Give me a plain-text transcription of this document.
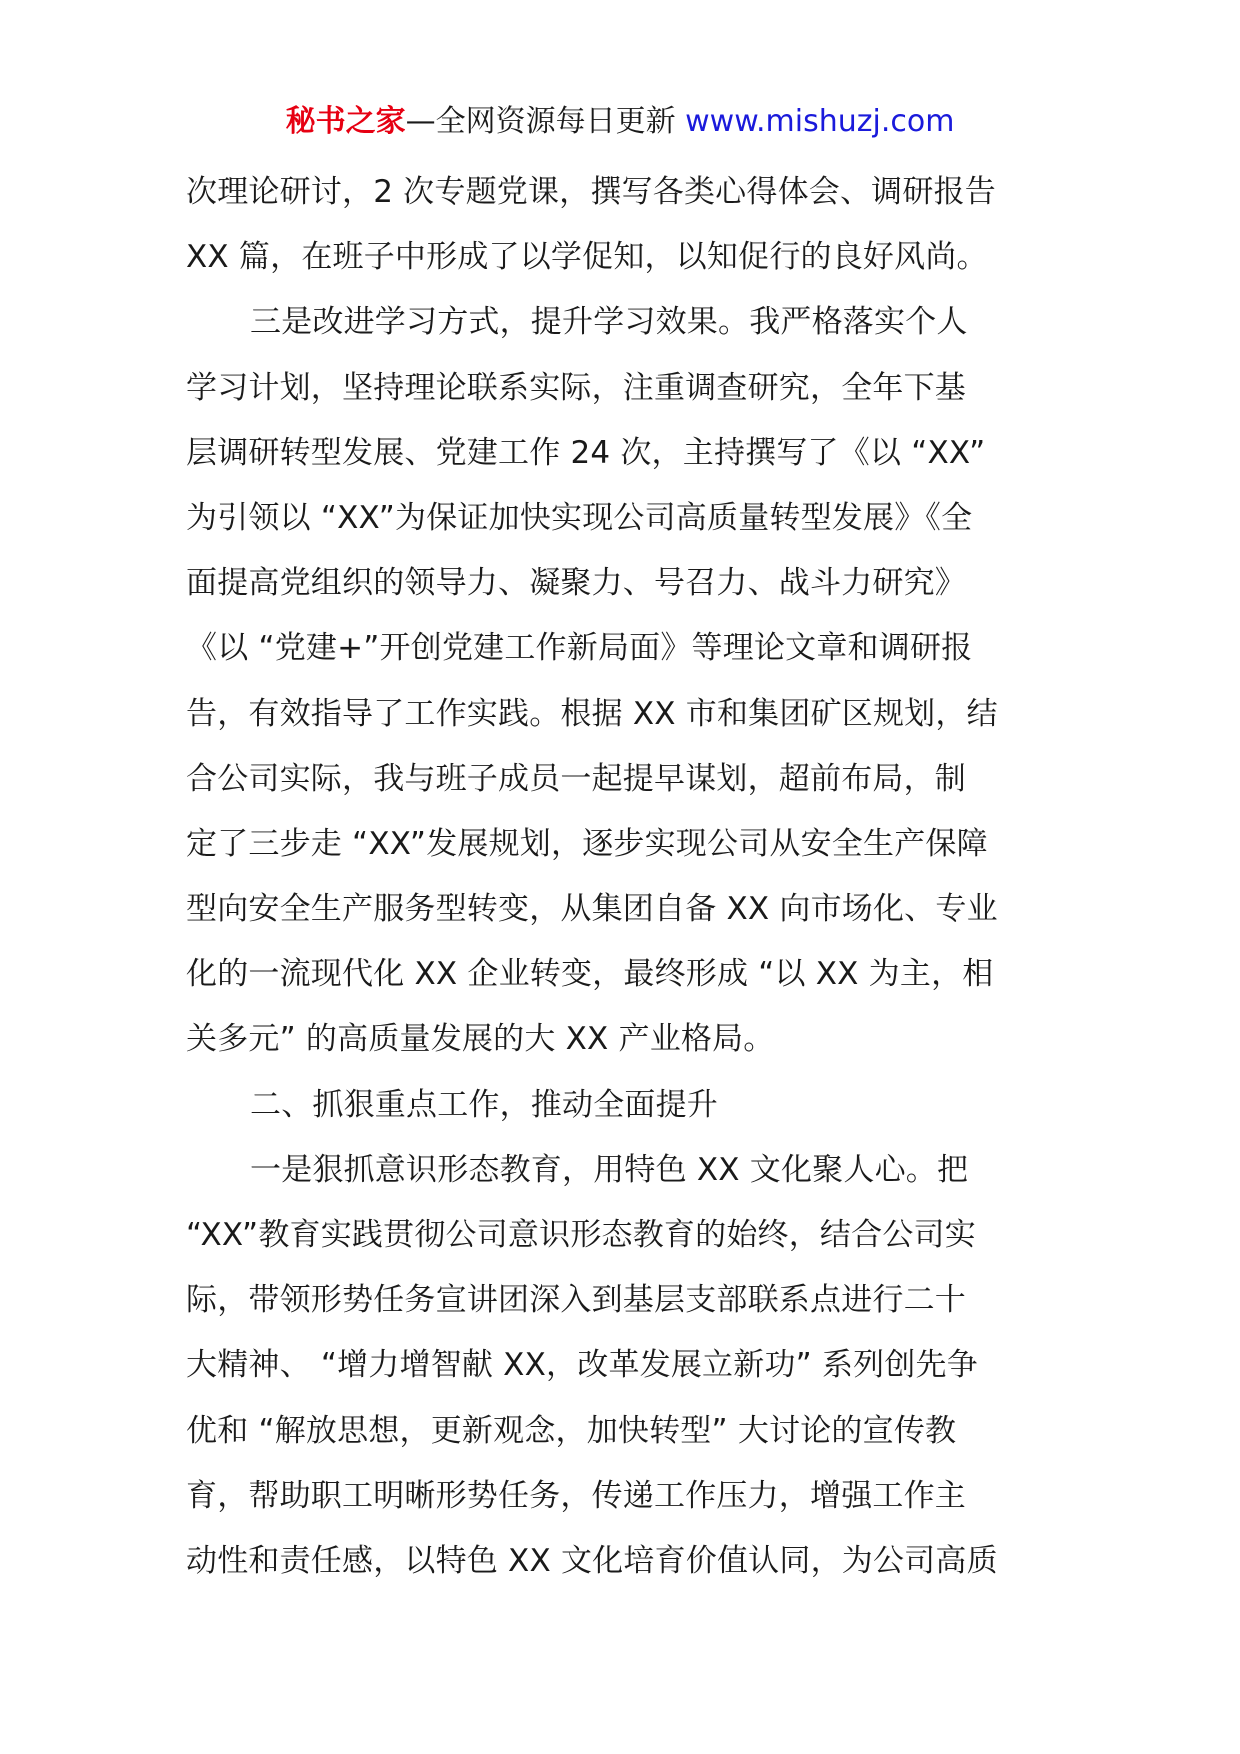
秘书之家—全网资源每日更新 www.mishuzj.com
次理论研讨，2 次专题党课，撰写各类心得体会、调研报告
XX 篇，在班子中形成了以学促知，以知促行的良好风尚。
三是改进学习方式，提升学习效果。我严格落实个人
学习计划，坚持理论联系实际，注重调查研究，全年下基
层调研转型发展、党建工作 24 次，主持撰写了《以 “XX”
为引领以 “XX”为保证加快实现公司高质量转型发展》《全
面提高党组织的领导力、凝聚力、号召力、战斗力研究》
《以 “党建+”开创党建工作新局面》等理论文章和调研报
告，有效指导了工作实践。根据 XX 市和集团矿区规划，结
合公司实际，我与班子成员一起提早谋划，超前布局，制
定了三步走 “XX”发展规划，逐步实现公司从安全生产保障
型向安全生产服务型转变，从集团自备 XX 向市场化、专业
化的一流现代化 XX 企业转变，最终形成 “以 XX 为主，相
关多元” 的高质量发展的大 XX 产业格局。
二、抓狠重点工作，推动全面提升
一是狠抓意识形态教育，用特色 XX 文化聚人心。把
“XX”教育实践贯彻公司意识形态教育的始终，结合公司实
际，带领形势任务宣讲团深入到基层支部联系点进行二十
大精神、 “增力增智献 XX，改革发展立新功” 系列创先争
优和 “解放思想，更新观念，加快转型” 大讨论的宣传教
育，帮助职工明晰形势任务，传递工作压力，增强工作主
动性和责任感，以特色 XX 文化培育价值认同，为公司高质
